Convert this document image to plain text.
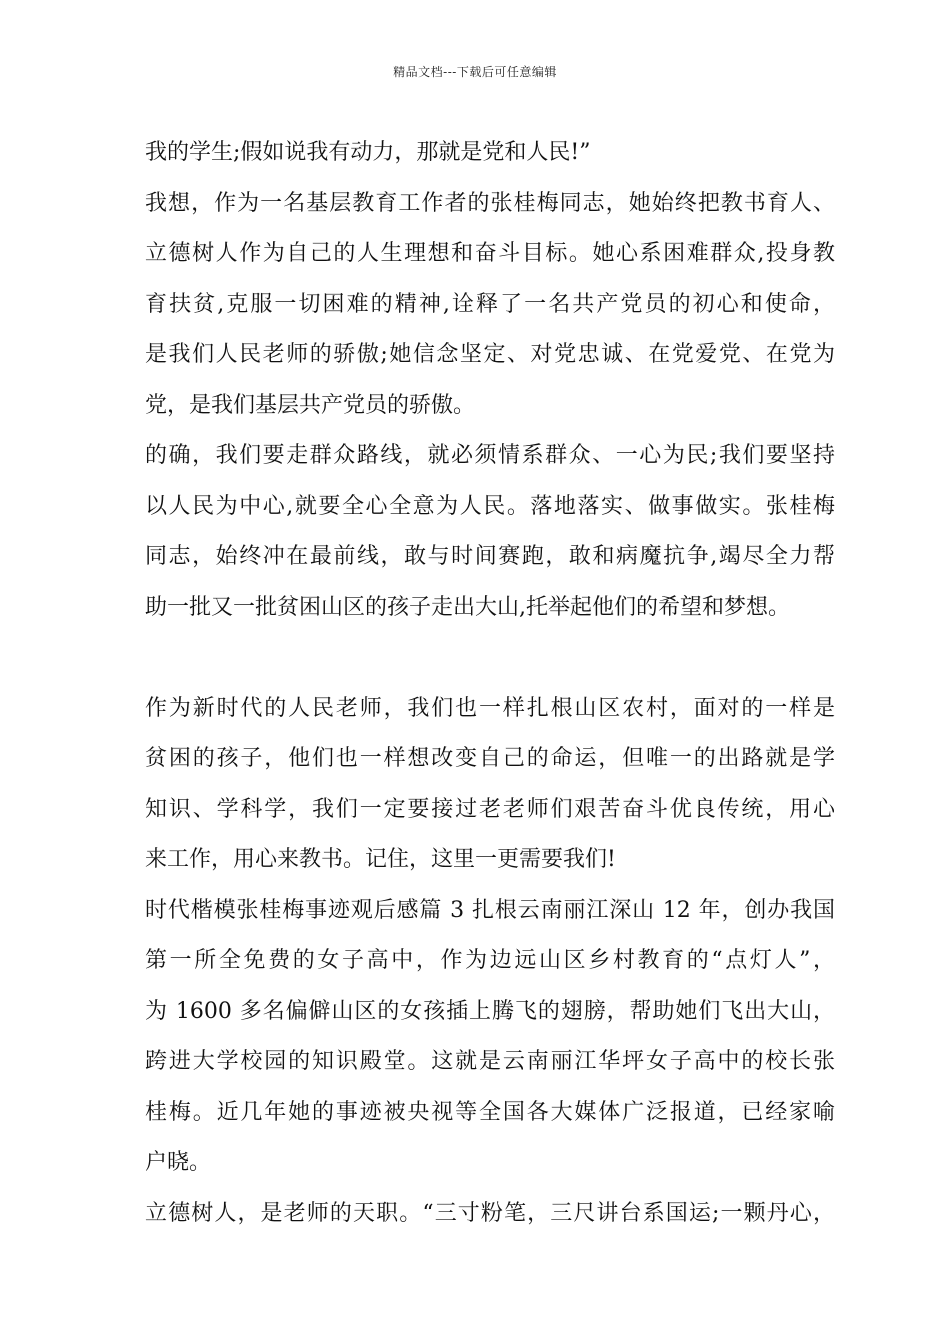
精品文档---下载后可任意编辑
我的学生;假如说我有动力，那就是党和人民!”
我想，作为一名基层教育工作者的张桂梅同志，她始终把教书育人、
立德树人作为自己的人生理想和奋斗目标。她心系困难群众,投身教
育扶贫,克服一切困难的精神,诠释了一名共产党员的初心和使命，
是我们人民老师的骄傲;她信念坚定、对党忠诚、在党爱党、在党为
党，是我们基层共产党员的骄傲。
的确，我们要走群众路线，就必须情系群众、一心为民;我们要坚持
以人民为中心,就要全心全意为人民。落地落实、做事做实。张桂梅
同志，始终冲在最前线，敢与时间赛跑，敢和病魔抗争,竭尽全力帮
助一批又一批贫困山区的孩子走出大山,托举起他们的希望和梦想。
作为新时代的人民老师，我们也一样扎根山区农村，面对的一样是
贫困的孩子，他们也一样想改变自己的命运，但唯一的出路就是学
知识、学科学，我们一定要接过老老师们艰苦奋斗优良传统，用心
来工作，用心来教书。记住，这里一更需要我们!
时代楷模张桂梅事迹观后感篇 3 扎根云南丽江深山 12 年，创办我国
第一所全免费的女子高中，作为边远山区乡村教育的“点灯人”，
为 1600 多名偏僻山区的女孩插上腾飞的翅膀，帮助她们飞出大山，
跨进大学校园的知识殿堂。这就是云南丽江华坪女子高中的校长张
桂梅。近几年她的事迹被央视等全国各大媒体广泛报道，已经家喻
户晓。
立德树人，是老师的天职。“三寸粉笔，三尺讲台系国运;一颗丹心，
